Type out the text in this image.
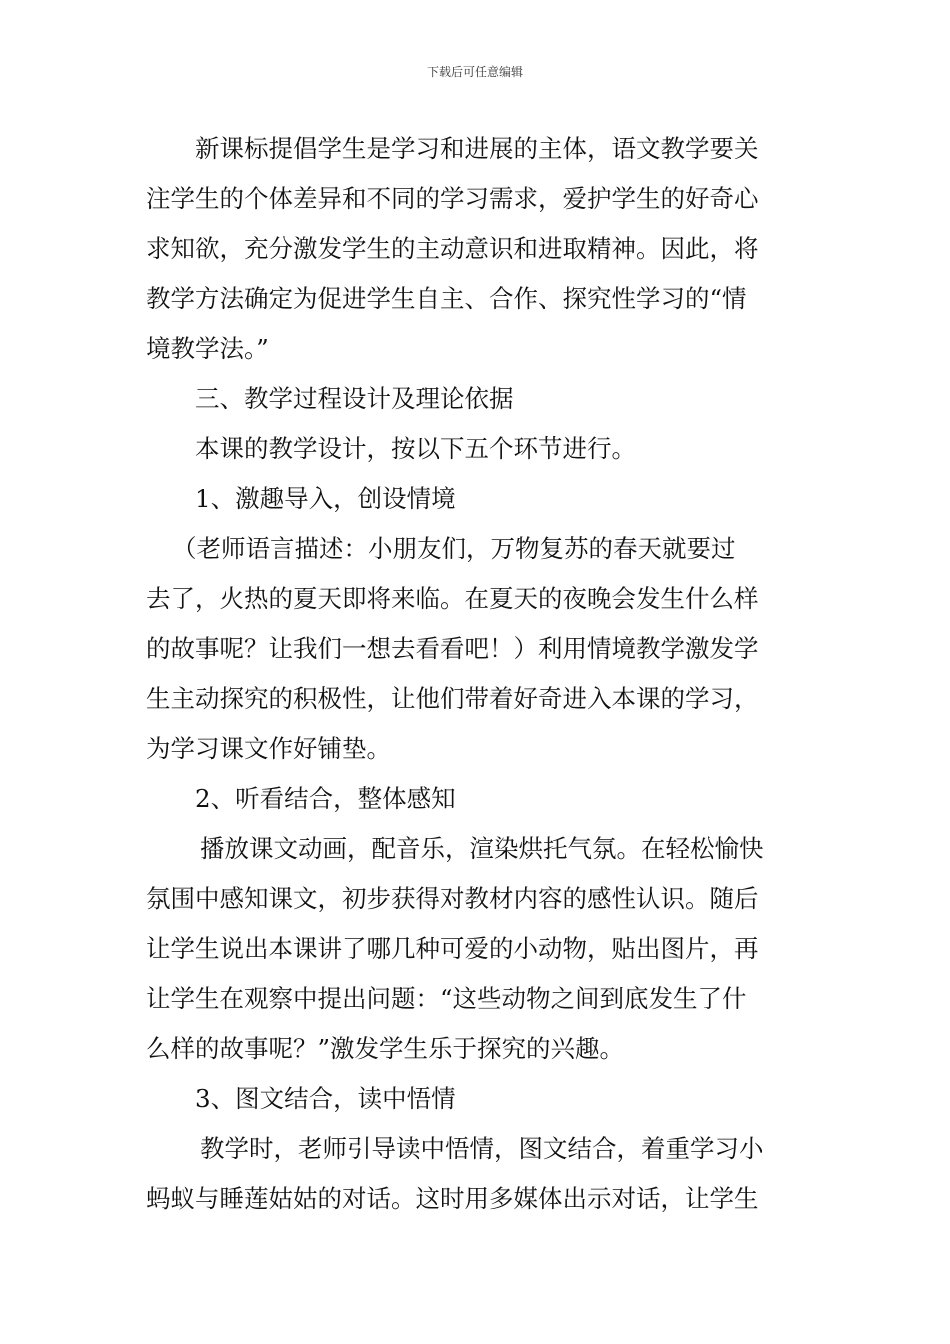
下载后可任意编辑
新课标提倡学生是学习和进展的主体，语文教学要关
注学生的个体差异和不同的学习需求，爱护学生的好奇心
求知欲，充分激发学生的主动意识和进取精神。因此，将
教学方法确定为促进学生自主、合作、探究性学习的“情
境教学法。”
三、教学过程设计及理论依据
本课的教学设计，按以下五个环节进行。
1、激趣导入，创设情境
（老师语言描述：小朋友们，万物复苏的春天就要过
去了，火热的夏天即将来临。在夏天的夜晚会发生什么样
的故事呢？让我们一想去看看吧！）利用情境教学激发学
生主动探究的积极性，让他们带着好奇进入本课的学习，
为学习课文作好铺垫。
2、听看结合，整体感知
播放课文动画，配音乐，渲染烘托气氛。在轻松愉快
氛围中感知课文，初步获得对教材内容的感性认识。随后
让学生说出本课讲了哪几种可爱的小动物，贴出图片，再
让学生在观察中提出问题：“这些动物之间到底发生了什
么样的故事呢？”激发学生乐于探究的兴趣。
3、图文结合，读中悟情
教学时，老师引导读中悟情，图文结合，着重学习小
蚂蚁与睡莲姑姑的对话。这时用多媒体出示对话，让学生
